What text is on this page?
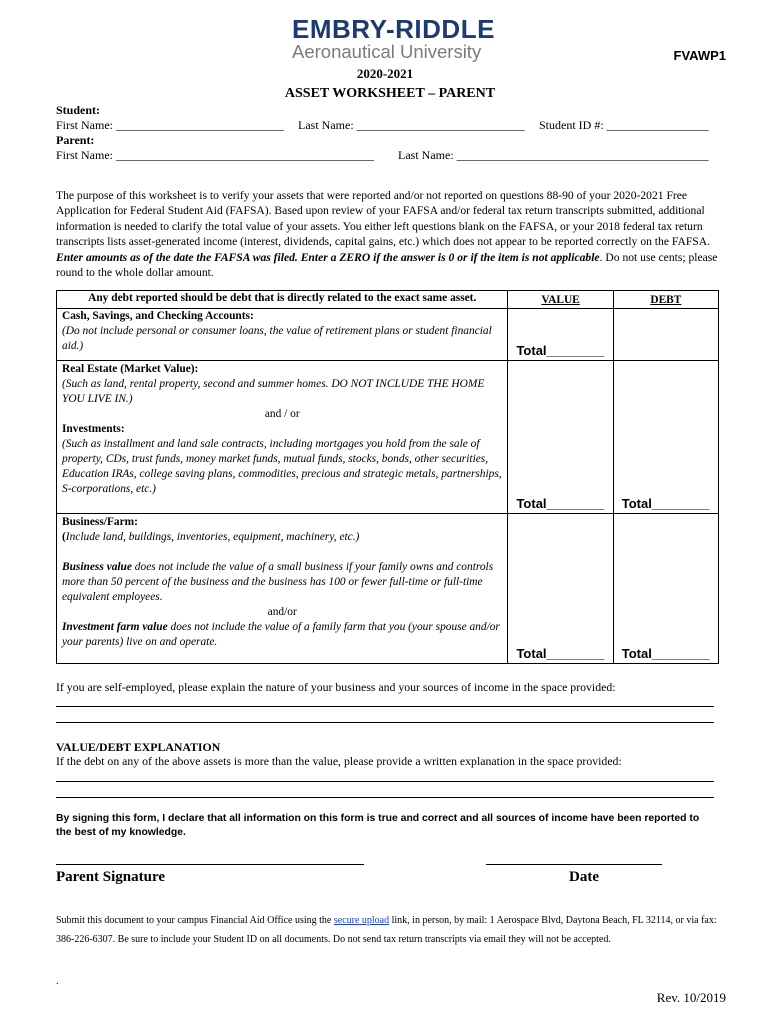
EMBRY-RIDDLE
Aeronautical University	FVAWP1
2020-2021
ASSET WORKSHEET – PARENT
Student:
First Name: ____________________________ Last Name: ____________________________ Student ID #: _________________
Parent:
First Name: ___________________________________________ Last Name: __________________________________________
The purpose of this worksheet is to verify your assets that were reported and/or not reported on questions 88-90 of your 2020-2021 Free Application for Federal Student Aid (FAFSA). Based upon review of your FAFSA and/or federal tax return transcripts submitted, additional information is needed to clarify the total value of your assets. You either left questions blank on the FAFSA, or your 2018 federal tax return transcripts lists asset-generated income (interest, dividends, capital gains, etc.) which does not appear to be reported correctly on the FAFSA. Enter amounts as of the date the FAFSA was filed. Enter a ZERO if the answer is 0 or if the item is not applicable. Do not use cents; please round to the whole dollar amount.
Any debt reported should be debt that is directly related to the exact same asset.	VALUE	DEBT

Cash, Savings, and Checking Accounts:
(Do not include personal or consumer loans, the value of retirement plans or student financial aid.)	Total________	

Real Estate (Market Value):
(Such as land, rental property, second and summer homes. DO NOT INCLUDE THE HOME YOU LIVE IN.)
and / or
Investments:
(Such as installment and land sale contracts, including mortgages you hold from the sale of property, CDs, trust funds, money market funds, mutual funds, stocks, bonds, other securities, Education IRAs, college saving plans, commodities, precious and strategic metals, partnerships, S-corporations, etc.)	Total________	Total________

Business/Farm:
(Include land, buildings, inventories, equipment, machinery, etc.)
Business value does not include the value of a small business if your family owns and controls more than 50 percent of the business and the business has 100 or fewer full-time or full-time equivalent employees.
and/or
Investment farm value does not include the value of a family farm that you (your spouse and/or your parents) live on and operate.	Total________	Total________
If you are self-employed, please explain the nature of your business and your sources of income in the space provided:
VALUE/DEBT EXPLANATION
If the debt on any of the above assets is more than the value, please provide a written explanation in the space provided:
By signing this form, I declare that all information on this form is true and correct and all sources of income have been reported to the best of my knowledge.
Parent Signature	Date
Submit this document to your campus Financial Aid Office using the secure upload link, in person, by mail: 1 Aerospace Blvd, Daytona Beach, FL 32114, or via fax: 386-226-6307. Be sure to include your Student ID on all documents. Do not send tax return transcripts via email they will not be accepted.
.
Rev. 10/2019
